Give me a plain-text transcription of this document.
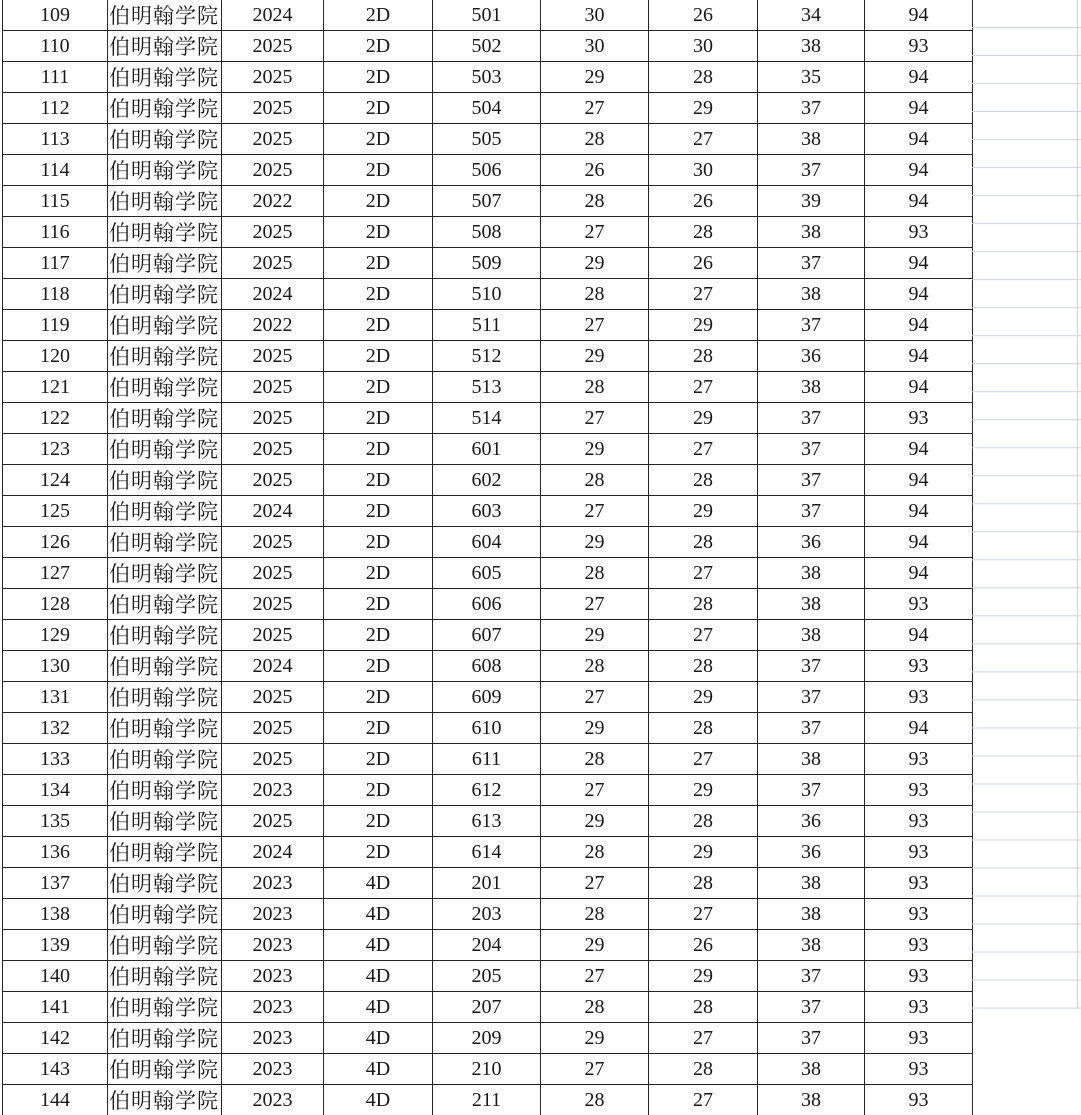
109	伯明翰学院	2024	2D	501	30	26	34	94
110	伯明翰学院	2025	2D	502	30	30	38	93
111	伯明翰学院	2025	2D	503	29	28	35	94
112	伯明翰学院	2025	2D	504	27	29	37	94
113	伯明翰学院	2025	2D	505	28	27	38	94
114	伯明翰学院	2025	2D	506	26	30	37	94
115	伯明翰学院	2022	2D	507	28	26	39	94
116	伯明翰学院	2025	2D	508	27	28	38	93
117	伯明翰学院	2025	2D	509	29	26	37	94
118	伯明翰学院	2024	2D	510	28	27	38	94
119	伯明翰学院	2022	2D	511	27	29	37	94
120	伯明翰学院	2025	2D	512	29	28	36	94
121	伯明翰学院	2025	2D	513	28	27	38	94
122	伯明翰学院	2025	2D	514	27	29	37	93
123	伯明翰学院	2025	2D	601	29	27	37	94
124	伯明翰学院	2025	2D	602	28	28	37	94
125	伯明翰学院	2024	2D	603	27	29	37	94
126	伯明翰学院	2025	2D	604	29	28	36	94
127	伯明翰学院	2025	2D	605	28	27	38	94
128	伯明翰学院	2025	2D	606	27	28	38	93
129	伯明翰学院	2025	2D	607	29	27	38	94
130	伯明翰学院	2024	2D	608	28	28	37	93
131	伯明翰学院	2025	2D	609	27	29	37	93
132	伯明翰学院	2025	2D	610	29	28	37	94
133	伯明翰学院	2025	2D	611	28	27	38	93
134	伯明翰学院	2023	2D	612	27	29	37	93
135	伯明翰学院	2025	2D	613	29	28	36	93
136	伯明翰学院	2024	2D	614	28	29	36	93
137	伯明翰学院	2023	4D	201	27	28	38	93
138	伯明翰学院	2023	4D	203	28	27	38	93
139	伯明翰学院	2023	4D	204	29	26	38	93
140	伯明翰学院	2023	4D	205	27	29	37	93
141	伯明翰学院	2023	4D	207	28	28	37	93
142	伯明翰学院	2023	4D	209	29	27	37	93
143	伯明翰学院	2023	4D	210	27	28	38	93
144	伯明翰学院	2023	4D	211	28	27	38	93
